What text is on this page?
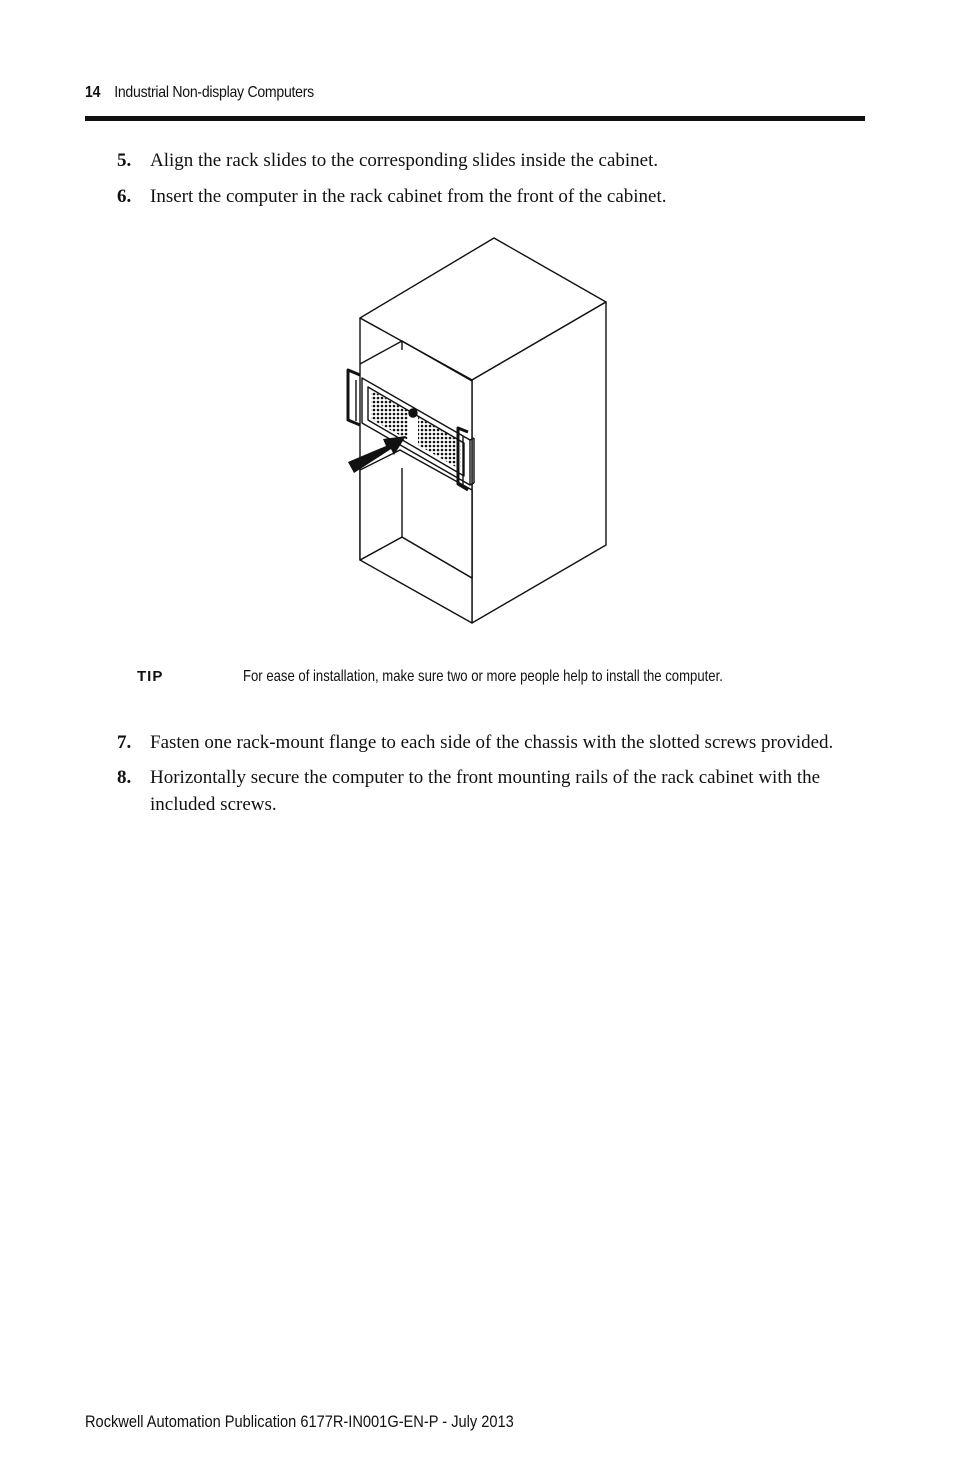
14 Industrial Non-display Computers
5. Align the rack slides to the corresponding slides inside the cabinet.
6. Insert the computer in the rack cabinet from the front of the cabinet.
TIP	For ease of installation, make sure two or more people help to install the computer.
7. Fasten one rack-mount flange to each side of the chassis with the slotted screws provided.
8. Horizontally secure the computer to the front mounting rails of the rack cabinet with the included screws.
Rockwell Automation Publication 6177R-IN001G-EN-P - July 2013
